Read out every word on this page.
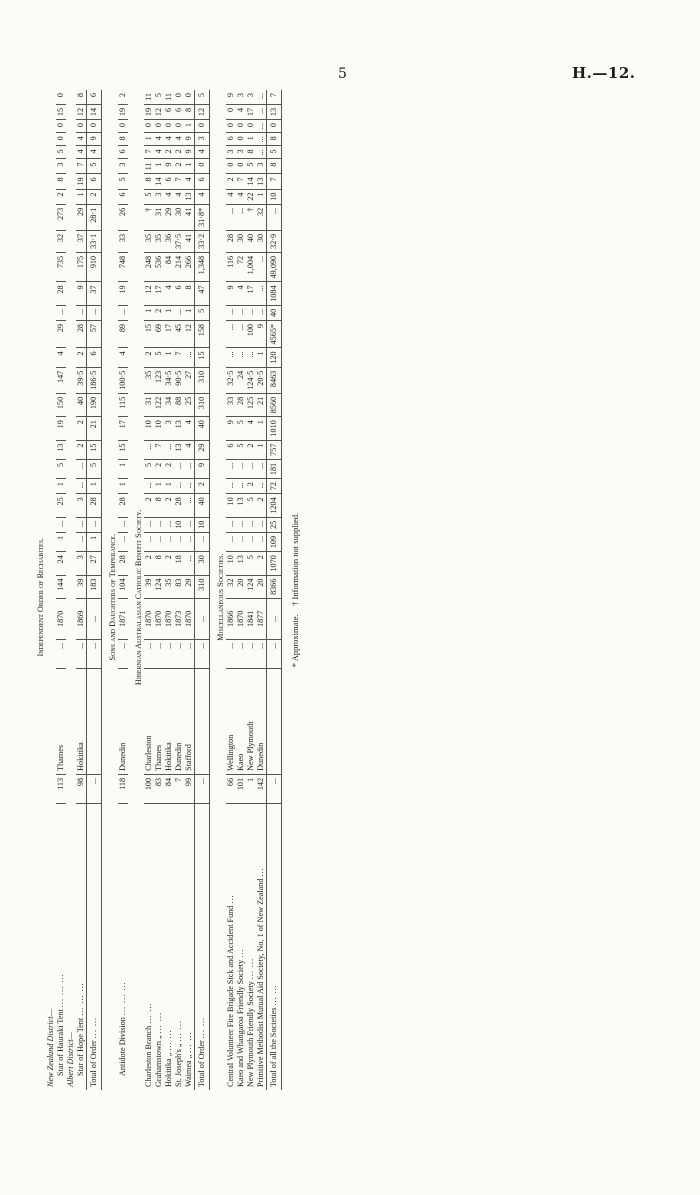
5	H.—12.
Independent Order of Rechabites.																														
New Zealand District—																														
Star of Hauraki Tent ... ... ...	113	Thames	...	1870	144	24	1	...	25	1	5	13	19	150	147	4	29	...	28	735	32	273	2	8	3	5	0	0	15	0
Albert District—																														
Star of Hope Tent ... ... ...	98	Hokitika	...	1869	39	3	...	...	3	...	...	2	2	40	39·5	2	28	...	9	175	37	29	1	19	7	4	4	0	12	8
Total of Order ... ...	...		...	...	183	27	1	...	28	1	5	15	21	190	186·5	6	57	...	37	910	33·1	28·1	2	6	5	4	9	0	14	6
Sons and Daughters of Temperance.																														
Antidote Division ... ... ...	118	Dunedin	...	1871	104	28	...	...	28	1	1	15	17	115	100·5	4	89	...	19	748	33	26	6	5	3	6	8	0	19	2
Hibernian Australasian Catholic Benefit Society.																														
Charleston Branch ... ...	100	Charleston	...	1870	39	2	...	...	2	...	5	...	10	31	35	2	15	1	12	248	35	†	5	8	11	7	1	0	19	11
Grahamstown „ ... ...	83	Thames	...	1870	124	8	...	...	8	1	2	7	10	122	123	5	69	2	17	536	35	31	3	14	1	4	4	0	12	5
Hokitika „ ... ...	84	Hokitika	...	1870	35	2	...	...	2	1	2	...	3	34	34·5	1	17	1	4	84	36	29	4	6	9	2	4	0	6	11
St. Joseph's „ ... ...	7	Dunedin	...	1873	83	18	...	10	28	...	...	13	13	88	90·5	7	45	...	6	214	37·5	30	4	7	2	2	4	0	6	0
Waimea „ ... ...	99	Stafford	...	1870	29	...	...	...	...	...	...	4	4	25	27	...	12	1	8	266	41	41	13	4	1	9	9	1	8	0
Total of Order ... ...	...		...	...	310	30	...	10	40	2	9	29	40	310	310	15	158	5	47	1,348	33·2	31·8*	4	6	0	4	3	0	12	5
Miscellaneous Societies.																														
Central Volunteer Fire Brigade Sick and Accident Fund ...	66	Wellington	...	1866	32	10	...	...	10	...	...	6	9	33	32·5	...	...	...	9	116	28	...	4	2	0	3	6	0	0	9
Kaeo and Whangaroa Friendly Society ...	101	Kaeo	...	1870	20	13	...	...	13	...	...	5	5	28	24	...	...	...	4	72	30	...	4	7	0	3	0	0	4	3
New Plymouth Friendly Society ... ...	1	New Plymouth	...	1841	124	5	...	...	5	2	...	2	4	125	124·5	...	100	...	17	1,004	40	†	22	14	5	8	1	0	17	3
Primitive Methodist Mutual Aid Society, No. 1 of New Zealand ...	142	Dunedin	...	1877	20	2	...	...	2	...	...	1	1	21	20·5	1	9	...	...	...	30	32	1	13	3	...	...	...	...	...
Total of all the Societies ... ...	...		...	...	8366	1070	109	25	1204	72	181	757	1010	8560	8463	120	4565*	40	1084	49,090	32·9	...	10	7	8	5	8	0	13	7
* Approximate.    † Information not supplied.																														
